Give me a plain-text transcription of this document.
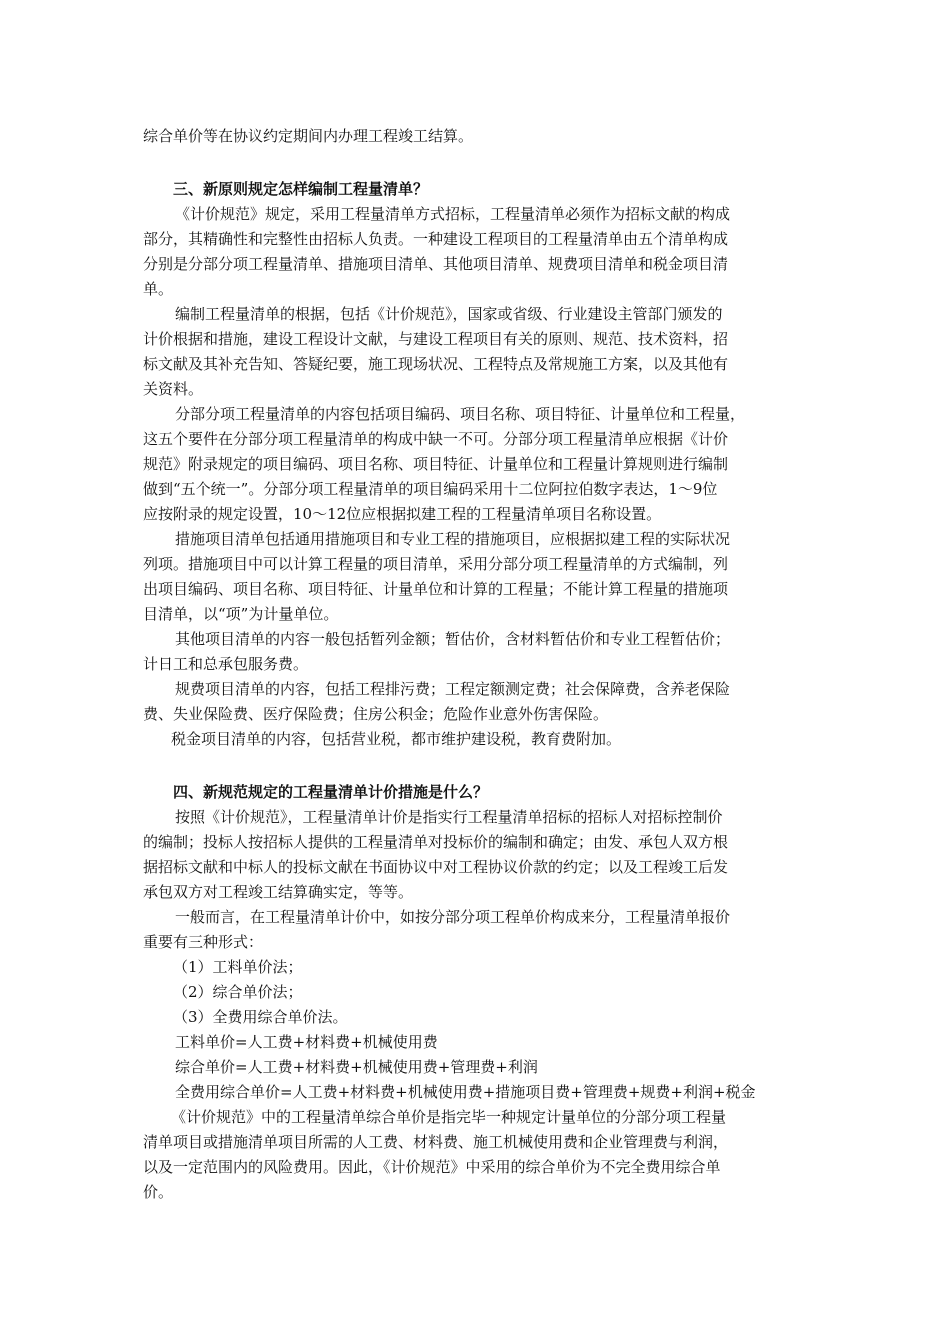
综合单价等在协议约定期间内办理工程竣工结算。
三、新原则规定怎样编制工程量清单？
《计价规范》规定，采用工程量清单方式招标，工程量清单必须作为招标文献的构成
部分，其精确性和完整性由招标人负责。一种建设工程项目的工程量清单由五个清单构成
分别是分部分项工程量清单、措施项目清单、其他项目清单、规费项目清单和税金项目清
单。
编制工程量清单的根据，包括《计价规范》，国家或省级、行业建设主管部门颁发的
计价根据和措施，建设工程设计文献，与建设工程项目有关的原则、规范、技术资料，招
标文献及其补充告知、答疑纪要，施工现场状况、工程特点及常规施工方案，以及其他有
关资料。
分部分项工程量清单的内容包括项目编码、项目名称、项目特征、计量单位和工程量，
这五个要件在分部分项工程量清单的构成中缺一不可。分部分项工程量清单应根据《计价
规范》附录规定的项目编码、项目名称、项目特征、计量单位和工程量计算规则进行编制
做到“五个统一”。分部分项工程量清单的项目编码采用十二位阿拉伯数字表达，1～9位
应按附录的规定设置，10～12位应根据拟建工程的工程量清单项目名称设置。
措施项目清单包括通用措施项目和专业工程的措施项目，应根据拟建工程的实际状况
列项。措施项目中可以计算工程量的项目清单，采用分部分项工程量清单的方式编制，列
出项目编码、项目名称、项目特征、计量单位和计算的工程量；不能计算工程量的措施项
目清单，以“项”为计量单位。
其他项目清单的内容一般包括暂列金额；暂估价，含材料暂估价和专业工程暂估价；
计日工和总承包服务费。
规费项目清单的内容，包括工程排污费；工程定额测定费；社会保障费，含养老保险
费、失业保险费、医疗保险费；住房公积金；危险作业意外伤害保险。
税金项目清单的内容，包括营业税，都市维护建设税，教育费附加。
四、新规范规定的工程量清单计价措施是什么？
按照《计价规范》，工程量清单计价是指实行工程量清单招标的招标人对招标控制价
的编制；投标人按招标人提供的工程量清单对投标价的编制和确定；由发、承包人双方根
据招标文献和中标人的投标文献在书面协议中对工程协议价款的约定；以及工程竣工后发
承包双方对工程竣工结算确实定，等等。
一般而言，在工程量清单计价中，如按分部分项工程单价构成来分，工程量清单报价
重要有三种形式：
（1）工料单价法；
（2）综合单价法；
（3）全费用综合单价法。
工料单价=人工费+材料费+机械使用费
综合单价=人工费+材料费+机械使用费+管理费+利润
全费用综合单价=人工费+材料费+机械使用费+措施项目费+管理费+规费+利润+税金
《计价规范》中的工程量清单综合单价是指完毕一种规定计量单位的分部分项工程量
清单项目或措施清单项目所需的人工费、材料费、施工机械使用费和企业管理费与利润，
以及一定范围内的风险费用。因此，《计价规范》中采用的综合单价为不完全费用综合单
价。
